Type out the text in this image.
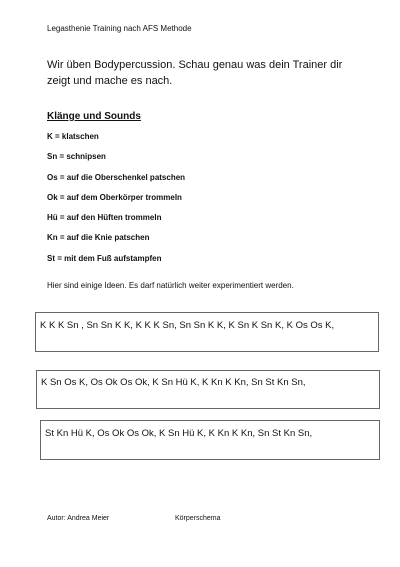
Legasthenie Training nach AFS Methode
Wir üben Bodypercussion. Schau genau was dein Trainer dir zeigt und mache es nach.
Klänge und Sounds
K = klatschen
Sn = schnipsen
Os = auf die Oberschenkel patschen
Ok = auf dem Oberkörper trommeln
Hü = auf den Hüften trommeln
Kn = auf die Knie patschen
St = mit dem Fuß aufstampfen
Hier sind einige Ideen. Es darf natürlich weiter experimentiert werden.
K K K Sn , Sn Sn K K, K K K Sn, Sn Sn K K, K Sn K Sn K, K Os Os K,
K Sn Os K, Os Ok Os Ok, K Sn Hü K, K Kn K Kn, Sn St Kn Sn,
St Kn Hü K, Os Ok Os Ok, K Sn Hü K, K Kn K Kn, Sn St Kn Sn,
Autor: Andrea Meier	Körperschema
